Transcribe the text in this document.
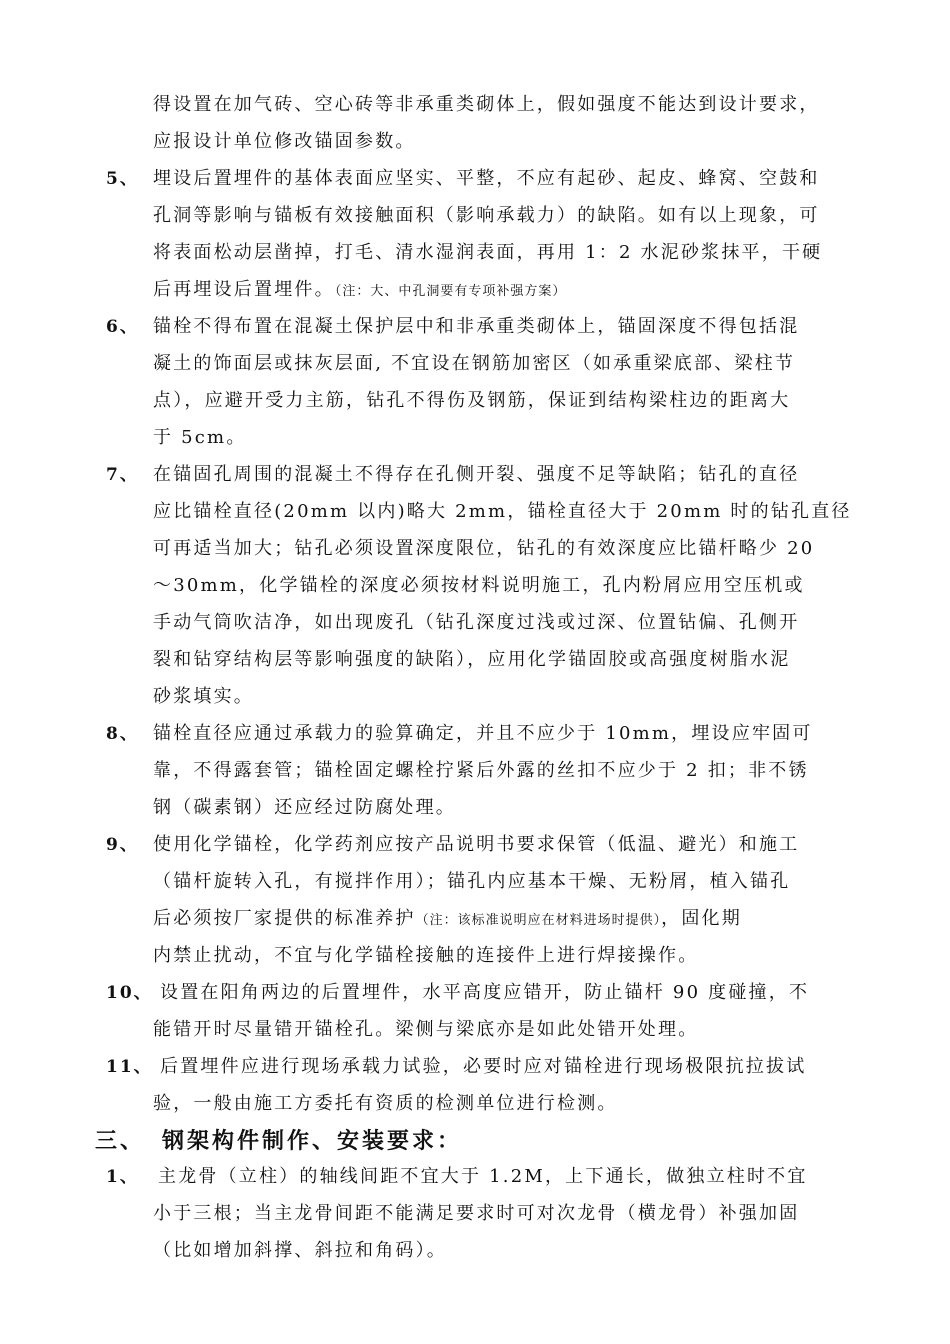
得设置在加气砖、空心砖等非承重类砌体上，假如强度不能达到设计要求，
应报设计单位修改锚固参数。
5、 埋设后置埋件的基体表面应坚实、平整，不应有起砂、起皮、蜂窝、空鼓和
孔洞等影响与锚板有效接触面积（影响承载力）的缺陷。如有以上现象，可
将表面松动层凿掉，打毛、清水湿润表面，再用 1：2 水泥砂浆抹平，干硬
后再埋设后置埋件。（注：大、中孔洞要有专项补强方案）
6、 锚栓不得布置在混凝土保护层中和非承重类砌体上，锚固深度不得包括混
凝土的饰面层或抹灰层面, 不宜设在钢筋加密区（如承重梁底部、梁柱节
点），应避开受力主筋，钻孔不得伤及钢筋，保证到结构梁柱边的距离大
于 5cm。
7、 在锚固孔周围的混凝土不得存在孔侧开裂、强度不足等缺陷；钻孔的直径
应比锚栓直径(20mm 以内)略大 2mm，锚栓直径大于 20mm 时的钻孔直径
可再适当加大；钻孔必须设置深度限位，钻孔的有效深度应比锚杆略少 20
～30mm，化学锚栓的深度必须按材料说明施工，孔内粉屑应用空压机或
手动气筒吹洁净，如出现废孔（钻孔深度过浅或过深、位置钻偏、孔侧开
裂和钻穿结构层等影响强度的缺陷），应用化学锚固胶或高强度树脂水泥
砂浆填实。
8、 锚栓直径应通过承载力的验算确定，并且不应少于 10mm，埋设应牢固可
靠，不得露套管；锚栓固定螺栓拧紧后外露的丝扣不应少于 2 扣；非不锈
钢（碳素钢）还应经过防腐处理。
9、 使用化学锚栓，化学药剂应按产品说明书要求保管（低温、避光）和施工
（锚杆旋转入孔，有搅拌作用）；锚孔内应基本干燥、无粉屑，植入锚孔
后必须按厂家提供的标准养护（注：该标准说明应在材料进场时提供），固化期
内禁止扰动，不宜与化学锚栓接触的连接件上进行焊接操作。
10、 设置在阳角两边的后置埋件，水平高度应错开，防止锚杆 90 度碰撞，不
能错开时尽量错开锚栓孔。梁侧与梁底亦是如此处错开处理。
11、 后置埋件应进行现场承载力试验，必要时应对锚栓进行现场极限抗拉拔试
验，一般由施工方委托有资质的检测单位进行检测。
三、 钢架构件制作、安装要求：
1、 主龙骨（立柱）的轴线间距不宜大于 1.2M，上下通长，做独立柱时不宜
小于三根；当主龙骨间距不能满足要求时可对次龙骨（横龙骨）补强加固
（比如增加斜撑、斜拉和角码）。
